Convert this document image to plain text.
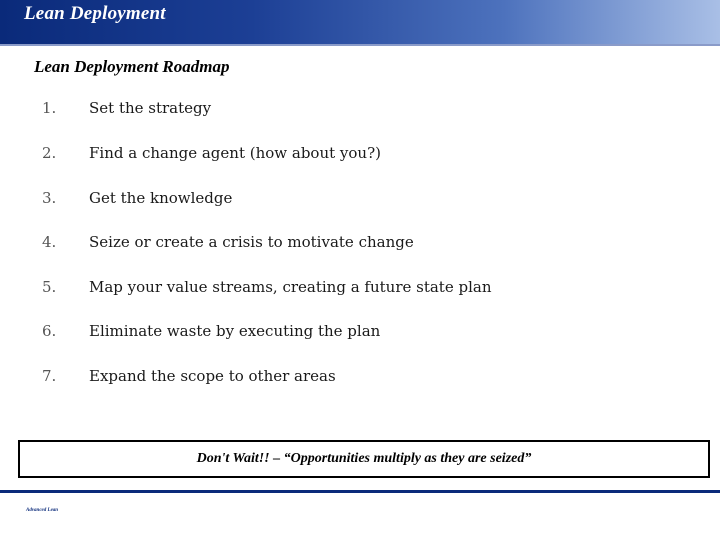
Lean Deployment
Lean Deployment Roadmap
1. Set the strategy
2. Find a change agent (how about you?)
3. Get the knowledge
4. Seize or create a crisis to motivate change
5. Map your value streams, creating a future state plan
6. Eliminate waste by executing the plan
7. Expand the scope to other areas
Don't Wait!! – “Opportunities multiply as they are seized”
Advanced Lean
